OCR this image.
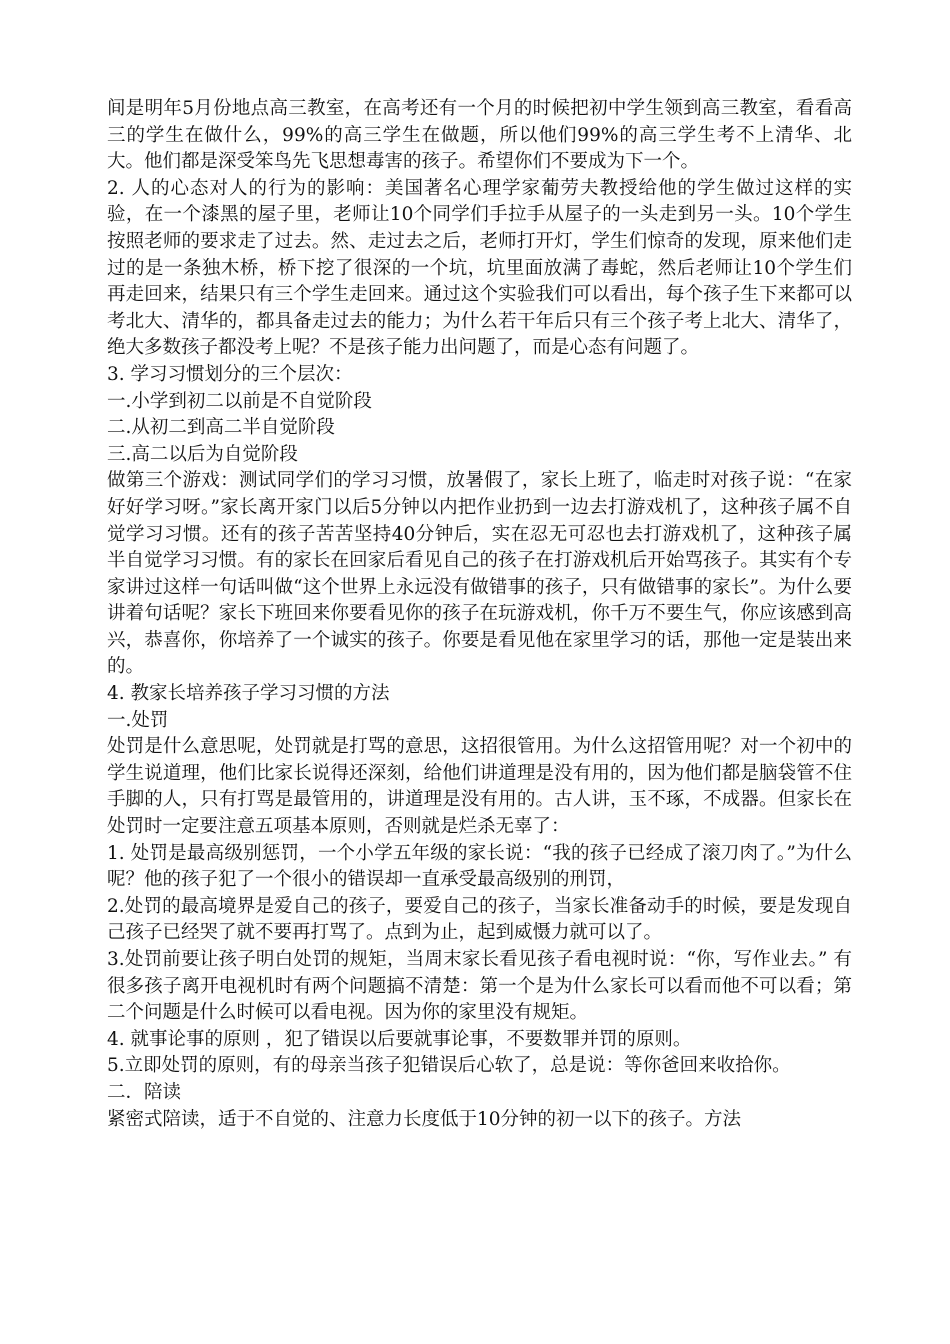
间是明年5月份地点高三教室，在高考还有一个月的时候把初中学生领到高三教室，看看高三的学生在做什么，99%的高三学生在做题，所以他们99%的高三学生考不上清华、北大。他们都是深受笨鸟先飞思想毒害的孩子。希望你们不要成为下一个。

2. 人的心态对人的行为的影响：美国著名心理学家葡劳夫教授给他的学生做过这样的实验，在一个漆黑的屋子里，老师让10个同学们手拉手从屋子的一头走到另一头。10个学生按照老师的要求走了过去。然、走过去之后，老师打开灯，学生们惊奇的发现，原来他们走过的是一条独木桥，桥下挖了很深的一个坑，坑里面放满了毒蛇，然后老师让10个学生们再走回来，结果只有三个学生走回来。通过这个实验我们可以看出，每个孩子生下来都可以考北大、清华的，都具备走过去的能力；为什么若干年后只有三个孩子考上北大、清华了，绝大多数孩子都没考上呢？不是孩子能力出问题了，而是心态有问题了。

3. 学习习惯划分的三个层次：

一.小学到初二以前是不自觉阶段

二.从初二到高二半自觉阶段

三.高二以后为自觉阶段

做第三个游戏：测试同学们的学习习惯，放暑假了，家长上班了，临走时对孩子说：“在家好好学习呀。”家长离开家门以后5分钟以内把作业扔到一边去打游戏机了，这种孩子属不自觉学习习惯。还有的孩子苦苦坚持40分钟后，实在忍无可忍也去打游戏机了，这种孩子属半自觉学习习惯。有的家长在回家后看见自己的孩子在打游戏机后开始骂孩子。其实有个专家讲过这样一句话叫做“这个世界上永远没有做错事的孩子，只有做错事的家长”。为什么要讲着句话呢？家长下班回来你要看见你的孩子在玩游戏机，你千万不要生气，你应该感到高兴，恭喜你，你培养了一个诚实的孩子。你要是看见他在家里学习的话，那他一定是装出来的。

4. 教家长培养孩子学习习惯的方法

一.处罚

处罚是什么意思呢，处罚就是打骂的意思，这招很管用。为什么这招管用呢？对一个初中的学生说道理，他们比家长说得还深刻，给他们讲道理是没有用的，因为他们都是脑袋管不住手脚的人，只有打骂是最管用的，讲道理是没有用的。古人讲，玉不琢，不成器。但家长在处罚时一定要注意五项基本原则，否则就是烂杀无辜了：

1. 处罚是最高级别惩罚，一个小学五年级的家长说：“我的孩子已经成了滚刀肉了。”为什么呢？他的孩子犯了一个很小的错误却一直承受最高级别的刑罚，

2.处罚的最高境界是爱自己的孩子，要爱自己的孩子，当家长准备动手的时候，要是发现自己孩子已经哭了就不要再打骂了。点到为止，起到威慑力就可以了。

3.处罚前要让孩子明白处罚的规矩，当周末家长看见孩子看电视时说：“你，写作业去。” 有很多孩子离开电视机时有两个问题搞不清楚：第一个是为什么家长可以看而他不可以看；第二个问题是什么时候可以看电视。因为你的家里没有规矩。

4. 就事论事的原则 ，犯了错误以后要就事论事，不要数罪并罚的原则。

5.立即处罚的原则，有的母亲当孩子犯错误后心软了，总是说：等你爸回来收拾你。

二．陪读

紧密式陪读，适于不自觉的、注意力长度低于10分钟的初一以下的孩子。方法
